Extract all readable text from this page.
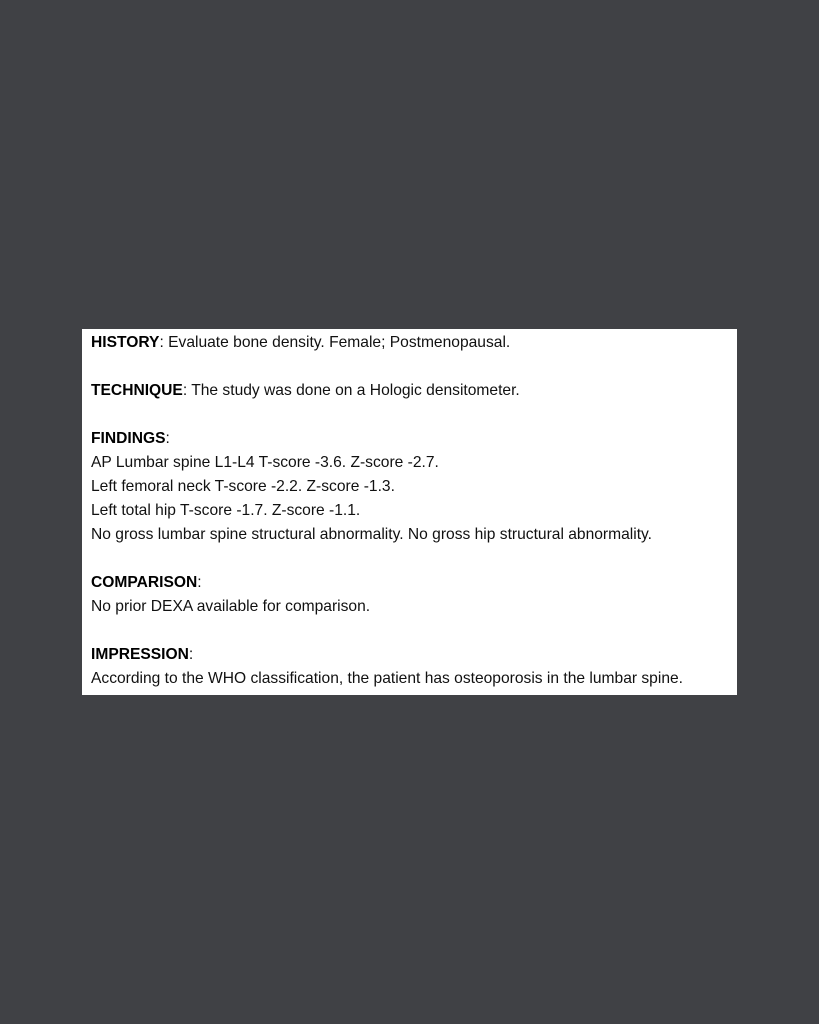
HISTORY: Evaluate bone density. Female; Postmenopausal.
TECHNIQUE: The study was done on a Hologic densitometer.
FINDINGS:
AP Lumbar spine L1-L4 T-score -3.6. Z-score -2.7.
Left femoral neck T-score -2.2. Z-score -1.3.
Left total hip T-score -1.7. Z-score -1.1.
No gross lumbar spine structural abnormality. No gross hip structural abnormality.
COMPARISON:
No prior DEXA available for comparison.
IMPRESSION:
According to the WHO classification, the patient has osteoporosis in the lumbar spine.
